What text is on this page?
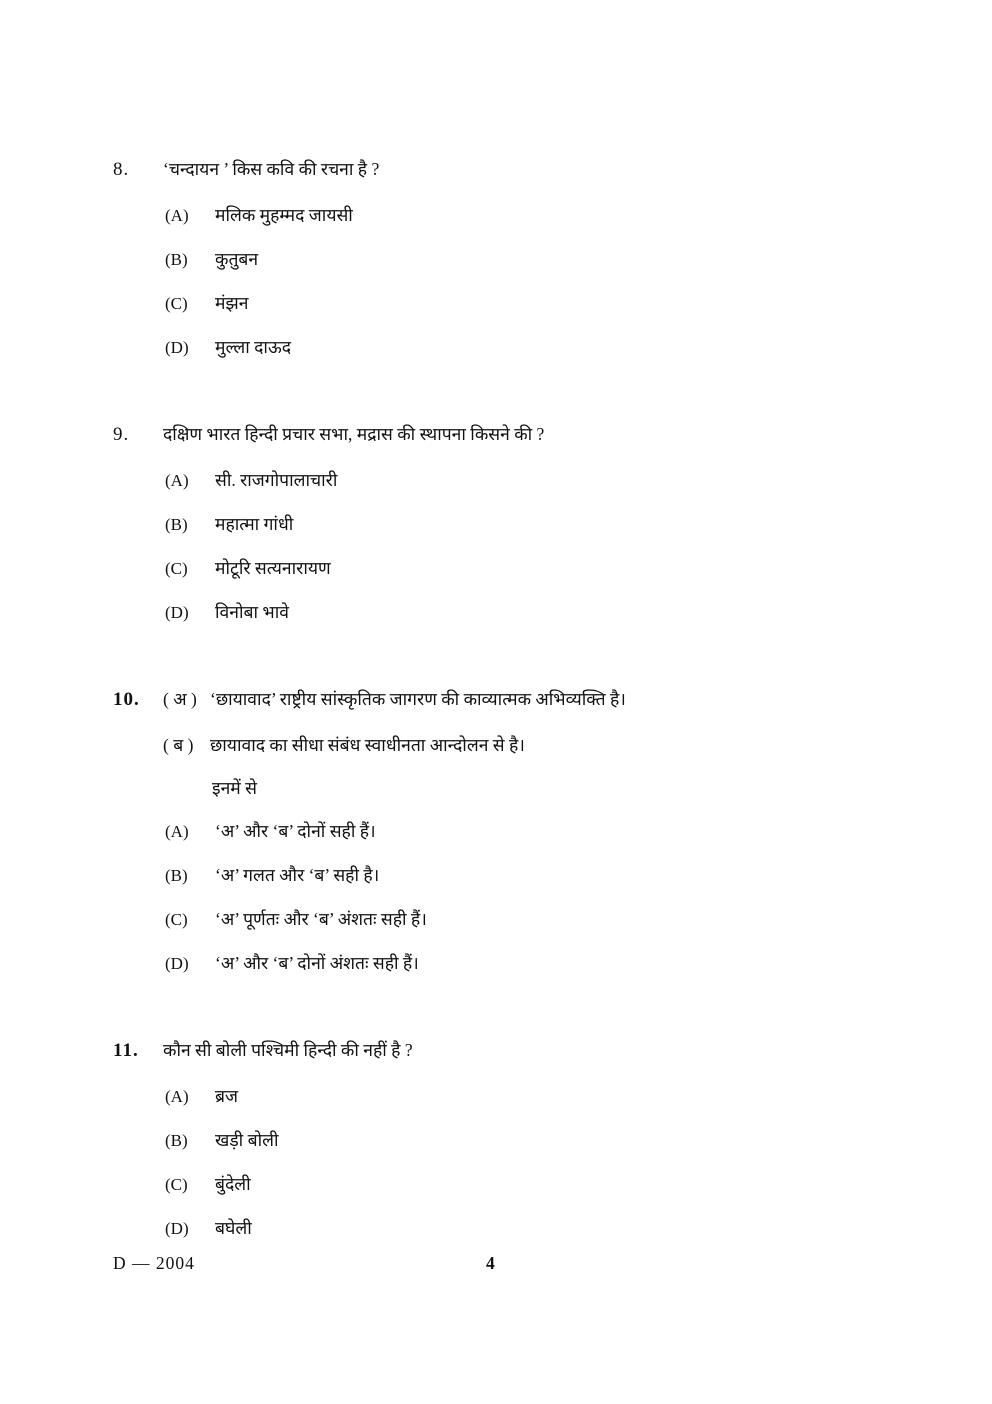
8.	‘चन्दायन ’ किस कवि की रचना है ?
(A)	मलिक मुहम्मद जायसी
(B)	कुतुबन
(C)	मंझन
(D)	मुल्ला दाऊद
9.	दक्षिण भारत हिन्दी प्रचार सभा, मद्रास की स्थापना किसने की ?
(A)	सी. राजगोपालाचारी
(B)	महात्मा गांधी
(C)	मोटूरि सत्यनारायण
(D)	विनोबा भावे
10.	( अ ) ‘छायावाद’ राष्ट्रीय सांस्कृतिक जागरण की काव्यात्मक अभिव्यक्ति है।
( ब ) छायावाद का सीधा संबंध स्वाधीनता आन्दोलन से है।
इनमें से
(A)	‘अ’ और ‘ब’ दोनों सही हैं।
(B)	‘अ’ गलत और ‘ब’ सही है।
(C)	‘अ’ पूर्णतः और ‘ब’ अंशतः सही हैं।
(D)	‘अ’ और ‘ब’ दोनों अंशतः सही हैं।
11.	कौन सी बोली पश्चिमी हिन्दी की नहीं है ?
(A)	ब्रज
(B)	खड़ी बोली
(C)	बुंदेली
(D)	बघेली
D — 2004	4
